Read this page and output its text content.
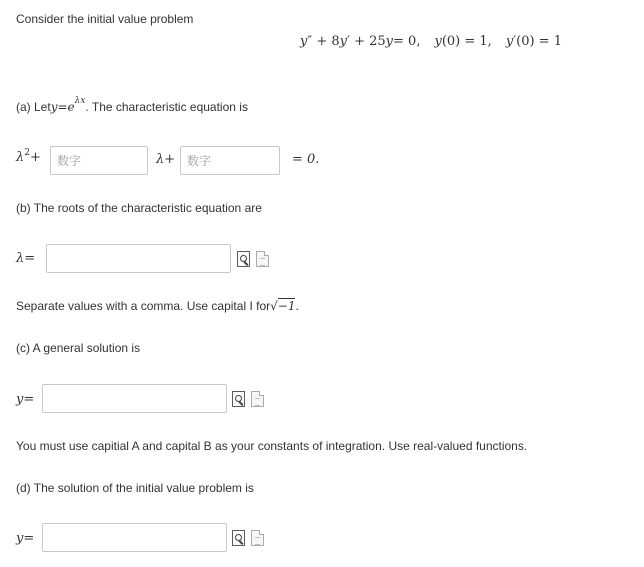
Consider the initial value problem
y ″ + 8 y ′ + 25 y = 0, y (0) = 1, y ′(0) = 1
(a) Let $y = e^{\lambda x}$ . The characteristic equation is
$\lambda^2$ +
数字	λ +
数字	= 0.
(b) The roots of the characteristic equation are
λ =
Separate values with a comma. Use capital I for √ −1 .
(c) A general solution is
y =
You must use capitial A and capital B as your constants of integration. Use real-valued functions.
(d) The solution of the initial value problem is
y =
